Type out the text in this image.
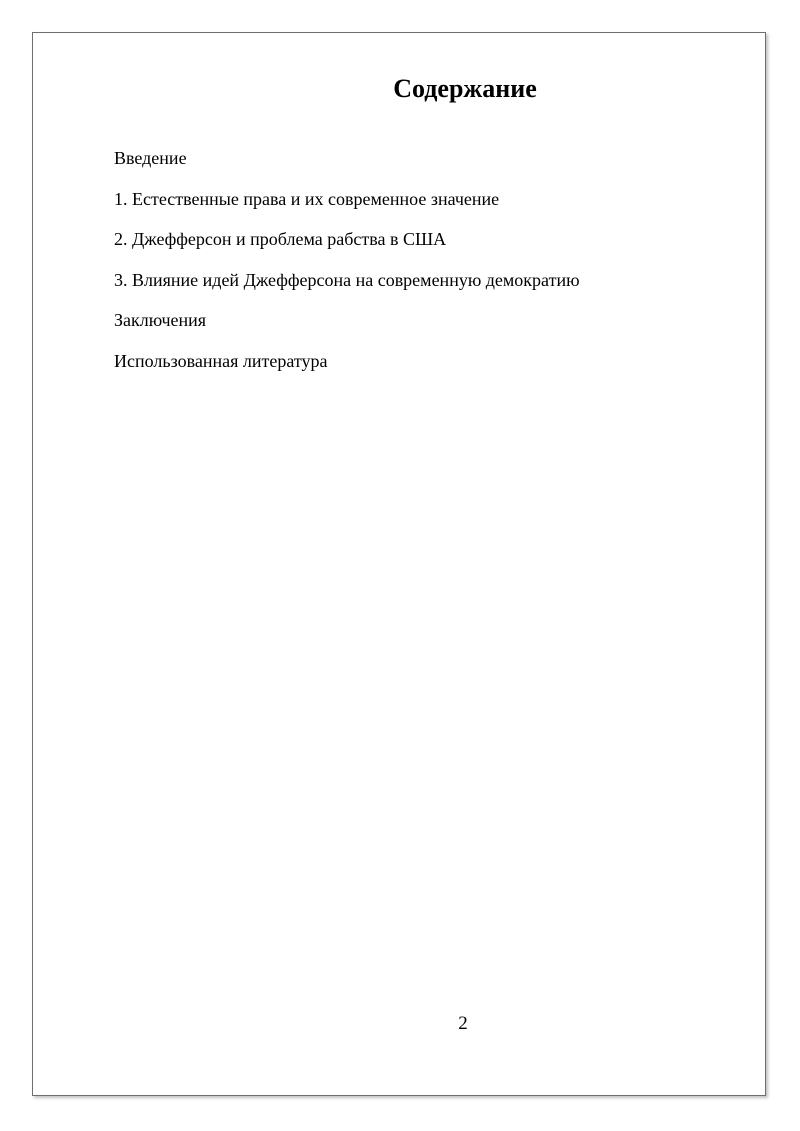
Содержание
Введение
1. Естественные права и их современное значение
2. Джефферсон и проблема рабства в США
3. Влияние идей Джефферсона на современную демократию
Заключения
Использованная литература
2
